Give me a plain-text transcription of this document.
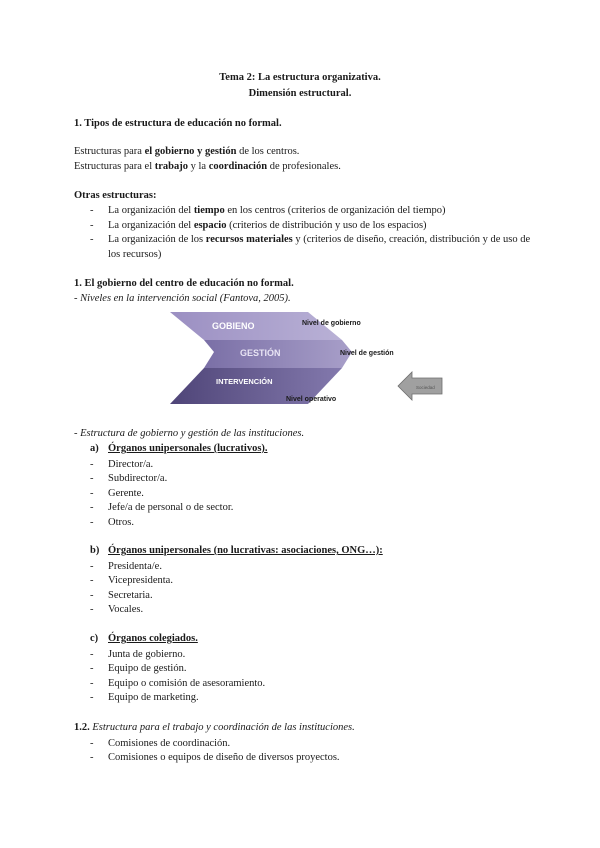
Tema 2: La estructura organizativa.
Dimensión estructural.
1. Tipos de estructura de educación no formal.
Estructuras para el gobierno y gestión de los centros.
Estructuras para el trabajo y la coordinación de profesionales.
Otras estructuras:
- La organización del tiempo en los centros (criterios de organización del tiempo)
- La organización del espacio (criterios de distribución y uso de los espacios)
- La organización de los recursos materiales y (criterios de diseño, creación, distribución y de uso de los recursos)
1. El gobierno del centro de educación no formal.
- Niveles en la intervención social (Fantova, 2005).
GOBIENO
GESTIÓN
INTERVENCIÓN
Nivel de gobierno
Nivel de gestión
Nivel operativo
Sociedad
- Estructura de gobierno y gestión de las instituciones.
a) Órganos unipersonales (lucrativos).
- Director/a.
- Subdirector/a.
- Gerente.
- Jefe/a de personal o de sector.
- Otros.
b) Órganos unipersonales (no lucrativas: asociaciones, ONG…):
- Presidenta/e.
- Vicepresidenta.
- Secretaria.
- Vocales.
c) Órganos colegiados.
- Junta de gobierno.
- Equipo de gestión.
- Equipo o comisión de asesoramiento.
- Equipo de marketing.
1.2. Estructura para el trabajo y coordinación de las instituciones.
- Comisiones de coordinación.
- Comisiones o equipos de diseño de diversos proyectos.
